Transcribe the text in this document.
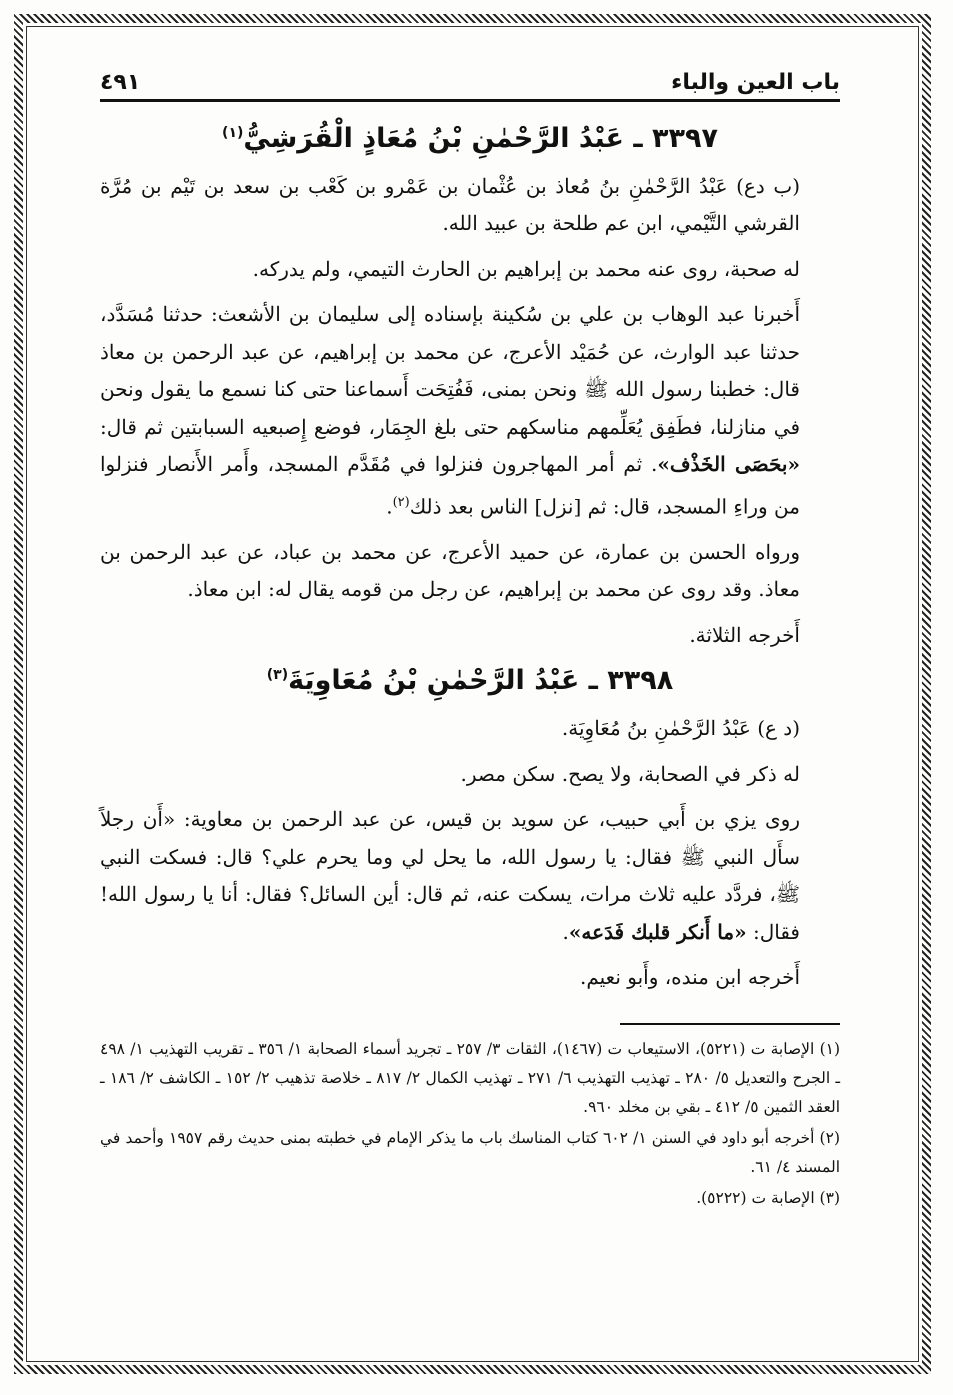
باب العين والباء
٤٩١
٣٣٩٧ ـ عَبْدُ الرَّحْمٰنِ بْنُ مُعَاذٍ الْقُرَشِيُّ$^{(١)}$

(ب دع) عَبْدُ الرَّحْمٰنِ بنُ مُعاذ بن عُثْمان بن عَمْرو بن كَعْب بن سعد بن تَيْم بن مُرَّة القرشي التَّيْمي، ابن عم طلحة بن عبيد الله.

له صحبة، روى عنه محمد بن إبراهيم بن الحارث التيمي، ولم يدركه.

أَخبرنا عبد الوهاب بن علي بن سُكينة بإسناده إلى سليمان بن الأشعث: حدثنا مُسَدَّد، حدثنا عبد الوارث، عن حُمَيْد الأعرج، عن محمد بن إبراهيم، عن عبد الرحمن بن معاذ قال: خطبنا رسول الله ﷺ ونحن بمنى، فَفُتِحَت أَسماعنا حتى كنا نسمع ما يقول ونحن في منازلنا، فطَفِق يُعَلِّمهم مناسكهم حتى بلغ الجِمَار، فوضع إِصبعيه السبابتين ثم قال: «بحَصَى الخَذْف». ثم أمر المهاجرون فنزلوا في مُقَدَّم المسجد، وأَمر الأَنصار فنزلوا من وراءِ المسجد، قال: ثم [نزل] الناس بعد ذلك$^{(٢)}$.

ورواه الحسن بن عمارة، عن حميد الأعرج، عن محمد بن عباد، عن عبد الرحمن بن معاذ. وقد روى عن محمد بن إبراهيم، عن رجل من قومه يقال له: ابن معاذ.

أَخرجه الثلاثة.

٣٣٩٨ ـ عَبْدُ الرَّحْمٰنِ بْنُ مُعَاوِيَةَ$^{(٣)}$

(د ع) عَبْدُ الرَّحْمٰنِ بنُ مُعَاوِيَة.

له ذكر في الصحابة، ولا يصح. سكن مصر.

روى يزي بن أَبي حبيب، عن سويد بن قيس، عن عبد الرحمن بن معاوية: «أَن رجلاً سأَل النبي ﷺ فقال: يا رسول الله، ما يحل لي وما يحرم علي؟ قال: فسكت النبي ﷺ، فردَّد عليه ثلاث مرات، يسكت عنه، ثم قال: أين السائل؟ فقال: أنا يا رسول الله! فقال: «ما أَنكر قلبك فَدَعه».

أَخرجه ابن منده، وأَبو نعيم.

(١) الإصابة ت (٥٢٢١)، الاستيعاب ت (١٤٦٧)، الثقات ٣/ ٢٥٧ ـ تجريد أسماء الصحابة ١/ ٣٥٦ ـ تقريب التهذيب ١/ ٤٩٨ ـ الجرح والتعديل ٥/ ٢٨٠ ـ تهذيب التهذيب ٦/ ٢٧١ ـ تهذيب الكمال ٢/ ٨١٧ ـ خلاصة تذهيب ٢/ ١٥٢ ـ الكاشف ٢/ ١٨٦ ـ العقد الثمين ٥/ ٤١٢ ـ بقي بن مخلد ٩٦٠.

(٢) أخرجه أبو داود في السنن ١/ ٦٠٢ كتاب المناسك باب ما يذكر الإمام في خطبته بمنى حديث رقم ١٩٥٧ وأحمد في المسند ٤/ ٦١.

(٣) الإصابة ت (٥٢٢٢).
